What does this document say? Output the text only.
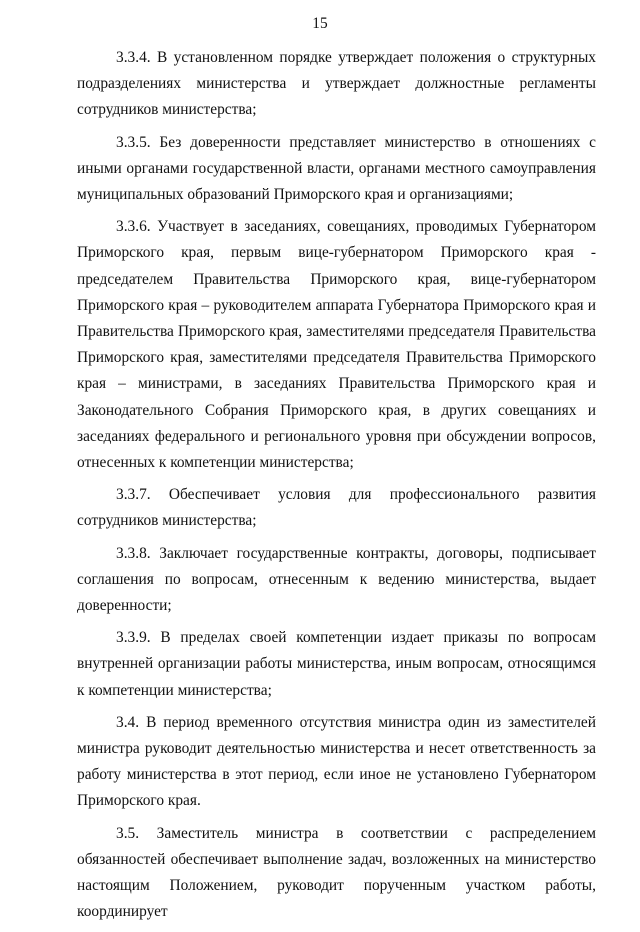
15

3.3.4. В установленном порядке утверждает положения о структурных подразделениях министерства и утверждает должностные регламенты сотрудников министерства;

3.3.5. Без доверенности представляет министерство в отношениях с иными органами государственной власти, органами местного самоуправления муниципальных образований Приморского края и организациями;

3.3.6. Участвует в заседаниях, совещаниях, проводимых Губернатором Приморского края, первым вице-губернатором Приморского края - председателем Правительства Приморского края, вице-губернатором Приморского края – руководителем аппарата Губернатора Приморского края и Правительства Приморского края, заместителями председателя Правительства Приморского края, заместителями председателя Правительства Приморского края – министрами, в заседаниях Правительства Приморского края и Законодательного Собрания Приморского края, в других совещаниях и заседаниях федерального и регионального уровня при обсуждении вопросов, отнесенных к компетенции министерства;

3.3.7. Обеспечивает условия для профессионального развития сотрудников министерства;

3.3.8. Заключает государственные контракты, договоры, подписывает соглашения по вопросам, отнесенным к ведению министерства, выдает доверенности;

3.3.9. В пределах своей компетенции издает приказы по вопросам внутренней организации работы министерства, иным вопросам, относящимся к компетенции министерства;

3.4. В период временного отсутствия министра один из заместителей министра руководит деятельностью министерства и несет ответственность за работу министерства в этот период, если иное не установлено Губернатором Приморского края.

3.5. Заместитель министра в соответствии с распределением обязанностей обеспечивает выполнение задач, возложенных на министерство настоящим Положением, руководит порученным участком работы, координирует
